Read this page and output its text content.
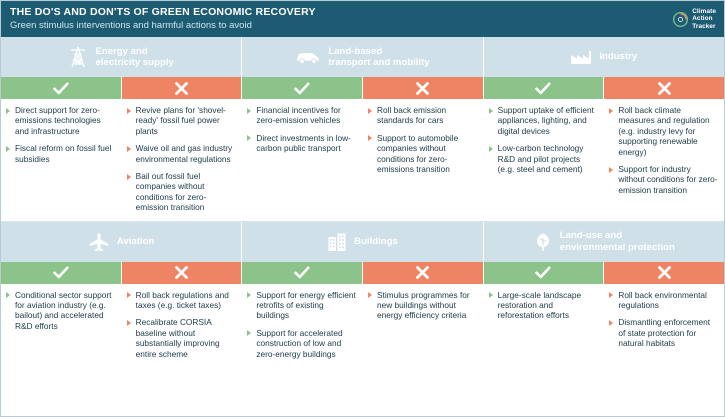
THE DO'S AND DON'TS OF GREEN ECONOMIC RECOVERY
Green stimulus interventions and harmful actions to avoid
Climate
Action
Tracker
Energy and
electricity supply
Direct support for zero-emissions technologies and infrastructure
Fiscal reform on fossil fuel subsidies
Revive plans for 'shovel-ready' fossil fuel power plants
Waive oil and gas industry environmental regulations
Bail out fossil fuel companies without conditions for zero-emission transition
Land-based
transport and mobility
Financial incentives for zero-emission vehicles
Direct investments in low-carbon public transport
Roll back emission standards for cars
Support to automobile companies without conditions for zero-emissions transition
Industry
Support uptake of efficient appliances, lighting, and digital devices
Low-carbon technology R&D and pilot projects (e.g. steel and cement)
Roll back climate measures and regulation (e.g. industry levy for supporting renewable energy)
Support for industry without conditions for zero-emission transition
Aviation
Conditional sector support for aviation industry (e.g. bailout) and accelerated R&D efforts
Roll back regulations and taxes (e.g. ticket taxes)
Recalibrate CORSIA baseline without substantially improving entire scheme
Buildings
Support for energy efficient retrofits of existing buildings
Support for accelerated construction of low and zero-energy buildings
Stimulus programmes for new buildings without energy efficiency criteria
Land-use and
environmental protection
Large-scale landscape restoration and reforestation efforts
Roll back environmental regulations
Dismantling enforcement of state protection for natural habitats
